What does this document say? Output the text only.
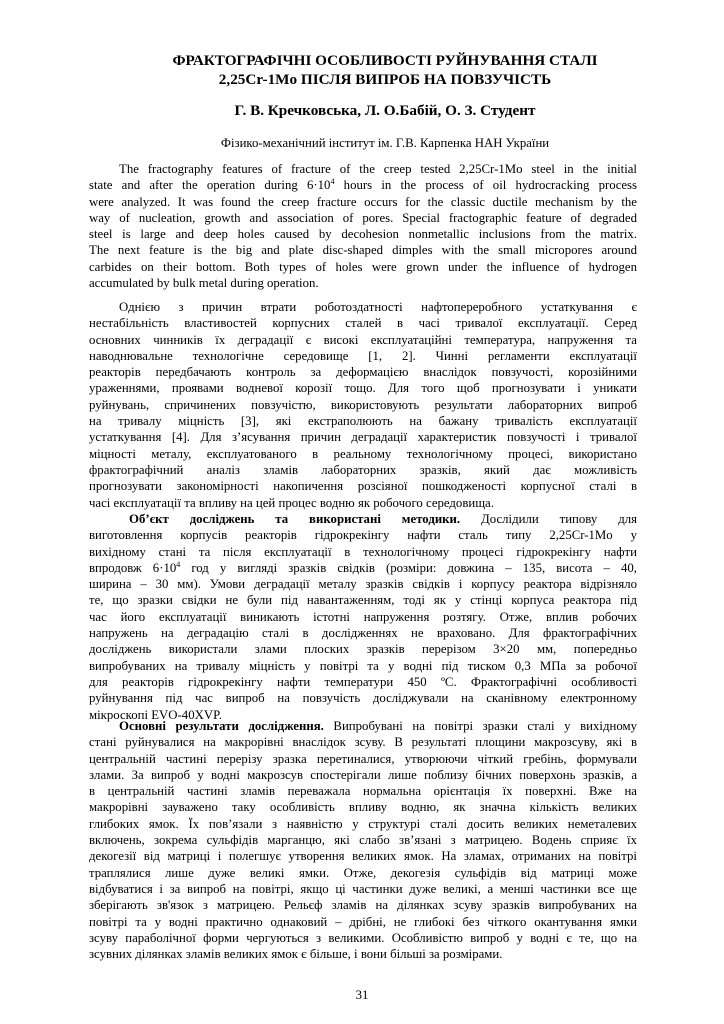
ФРАКТОГРАФІЧНІ ОСОБЛИВОСТІ РУЙНУВАННЯ СТАЛІ
2,25Cr-1Mo ПІСЛЯ ВИПРОБ НА ПОВЗУЧІСТЬ
Г. В. Кречковська, Л. О.Бабій, О. З. Студент
Фізико-механічний інститут ім. Г.В. Карпенка НАН України
The fractography features of fracture of the creep tested 2,25Cr-1Mo steel in the initial
state and after the operation during $6\cdot 10^4$ hours in the process of oil hydrocracking process
were analyzed. It was found the creep fracture occurs for the classic ductile mechanism by the
way of nucleation, growth and association of pores. Special fractographic feature of degraded
steel is large and deep holes caused by decohesion nonmetallic inclusions from the matrix.
The next feature is the big and plate disc-shaped dimples with the small micropores around
carbides on their bottom. Both types of holes were grown under the influence of hydrogen
accumulated by bulk metal during operation.
Однією з причин втрати роботоздатності нафтопереробного устаткування є
нестабільність властивостей корпусних сталей в часі тривалої експлуатації. Серед
основних чинників їх деградації є високі експлуатаційні температура, напруження та
наводнювальне технологічне середовище [1, 2]. Чинні регламенти експлуатації
реакторів передбачають контроль за деформацією внаслідок повзучості, корозійними
ураженнями, проявами водневої корозії тощо. Для того щоб прогнозувати і уникати
руйнувань, спричинених повзучістю, використовують результати лабораторних випроб
на тривалу міцність [3], які екстраполюють на бажану тривалість експлуатації
устаткування [4]. Для з’ясування причин деградації характеристик повзучості і тривалої
міцності металу, експлуатованого в реальному технологічному процесі, використано
фрактографічний аналіз зламів лабораторних зразків, який дає можливість
прогнозувати закономірності накопичення розсіяної пошкодженості корпусної сталі в
часі експлуатації та впливу на цей процес водню як робочого середовища.
Об’єкт досліджень та використані методики. Дослідили типову для
виготовлення корпусів реакторів гідрокрекінгу нафти сталь типу 2,25Cr-1Mo у
вихідному стані та після експлуатації в технологічному процесі гідрокрекінгу нафти
впродовж $6\cdot 10^4$ год у вигляді зразків свідків (розміри: довжина – 135, висота – 40,
ширина – 30 мм). Умови деградації металу зразків свідків і корпусу реактора відрізняло
те, що зразки свідки не були під навантаженням, тоді як у стінці корпуса реактора під
час його експлуатації виникають істотні напруження розтягу. Отже, вплив робочих
напружень на деградацію сталі в дослідженнях не враховано. Для фрактографічних
досліджень використали злами плоских зразків перерізом 3×20 мм, попередньо
випробуваних на тривалу міцність у повітрі та у водні під тиском 0,3 МПа за робочої
для реакторів гідрокрекінгу нафти температури 450 ºС. Фрактографічні особливості
руйнування під час випроб на повзучість досліджували на сканівному електронному
мікроскопі EVO-40XVP.
Основні результати дослідження. Випробувані на повітрі зразки сталі у вихідному
стані руйнувалися на макрорівні внаслідок зсуву. В результаті площини макрозсуву, які в
центральній частині перерізу зразка перетиналися, утворюючи чіткий гребінь, формували
злами. За випроб у водні макрозсув спостерігали лише поблизу бічних поверхонь зразків, а
в центральній частині зламів переважала нормальна орієнтація їх поверхні. Вже на
макрорівні зауважено таку особливість впливу водню, як значна кількість великих
глибоких ямок. Їх пов’язали з наявністю у структурі сталі досить великих неметалевих
включень, зокрема сульфідів марганцю, які слабо зв’язані з матрицею. Водень сприяє їх
декогезії від матриці і полегшує утворення великих ямок. На зламах, отриманих на повітрі
траплялися лише дуже великі ямки. Отже, декогезія сульфідів від матриці може
відбуватися і за випроб на повітрі, якщо ці частинки дуже великі, а менші частинки все ще
зберігають зв'язок з матрицею. Рельєф зламів на ділянках зсуву зразків випробуваних на
повітрі та у водні практично однаковий – дрібні, не глибокі без чіткого окантування ямки
зсуву параболічної форми чергуються з великими. Особливістю випроб у водні є те, що на
зсувних ділянках зламів великих ямок є більше, і вони більші за розмірами.
31
